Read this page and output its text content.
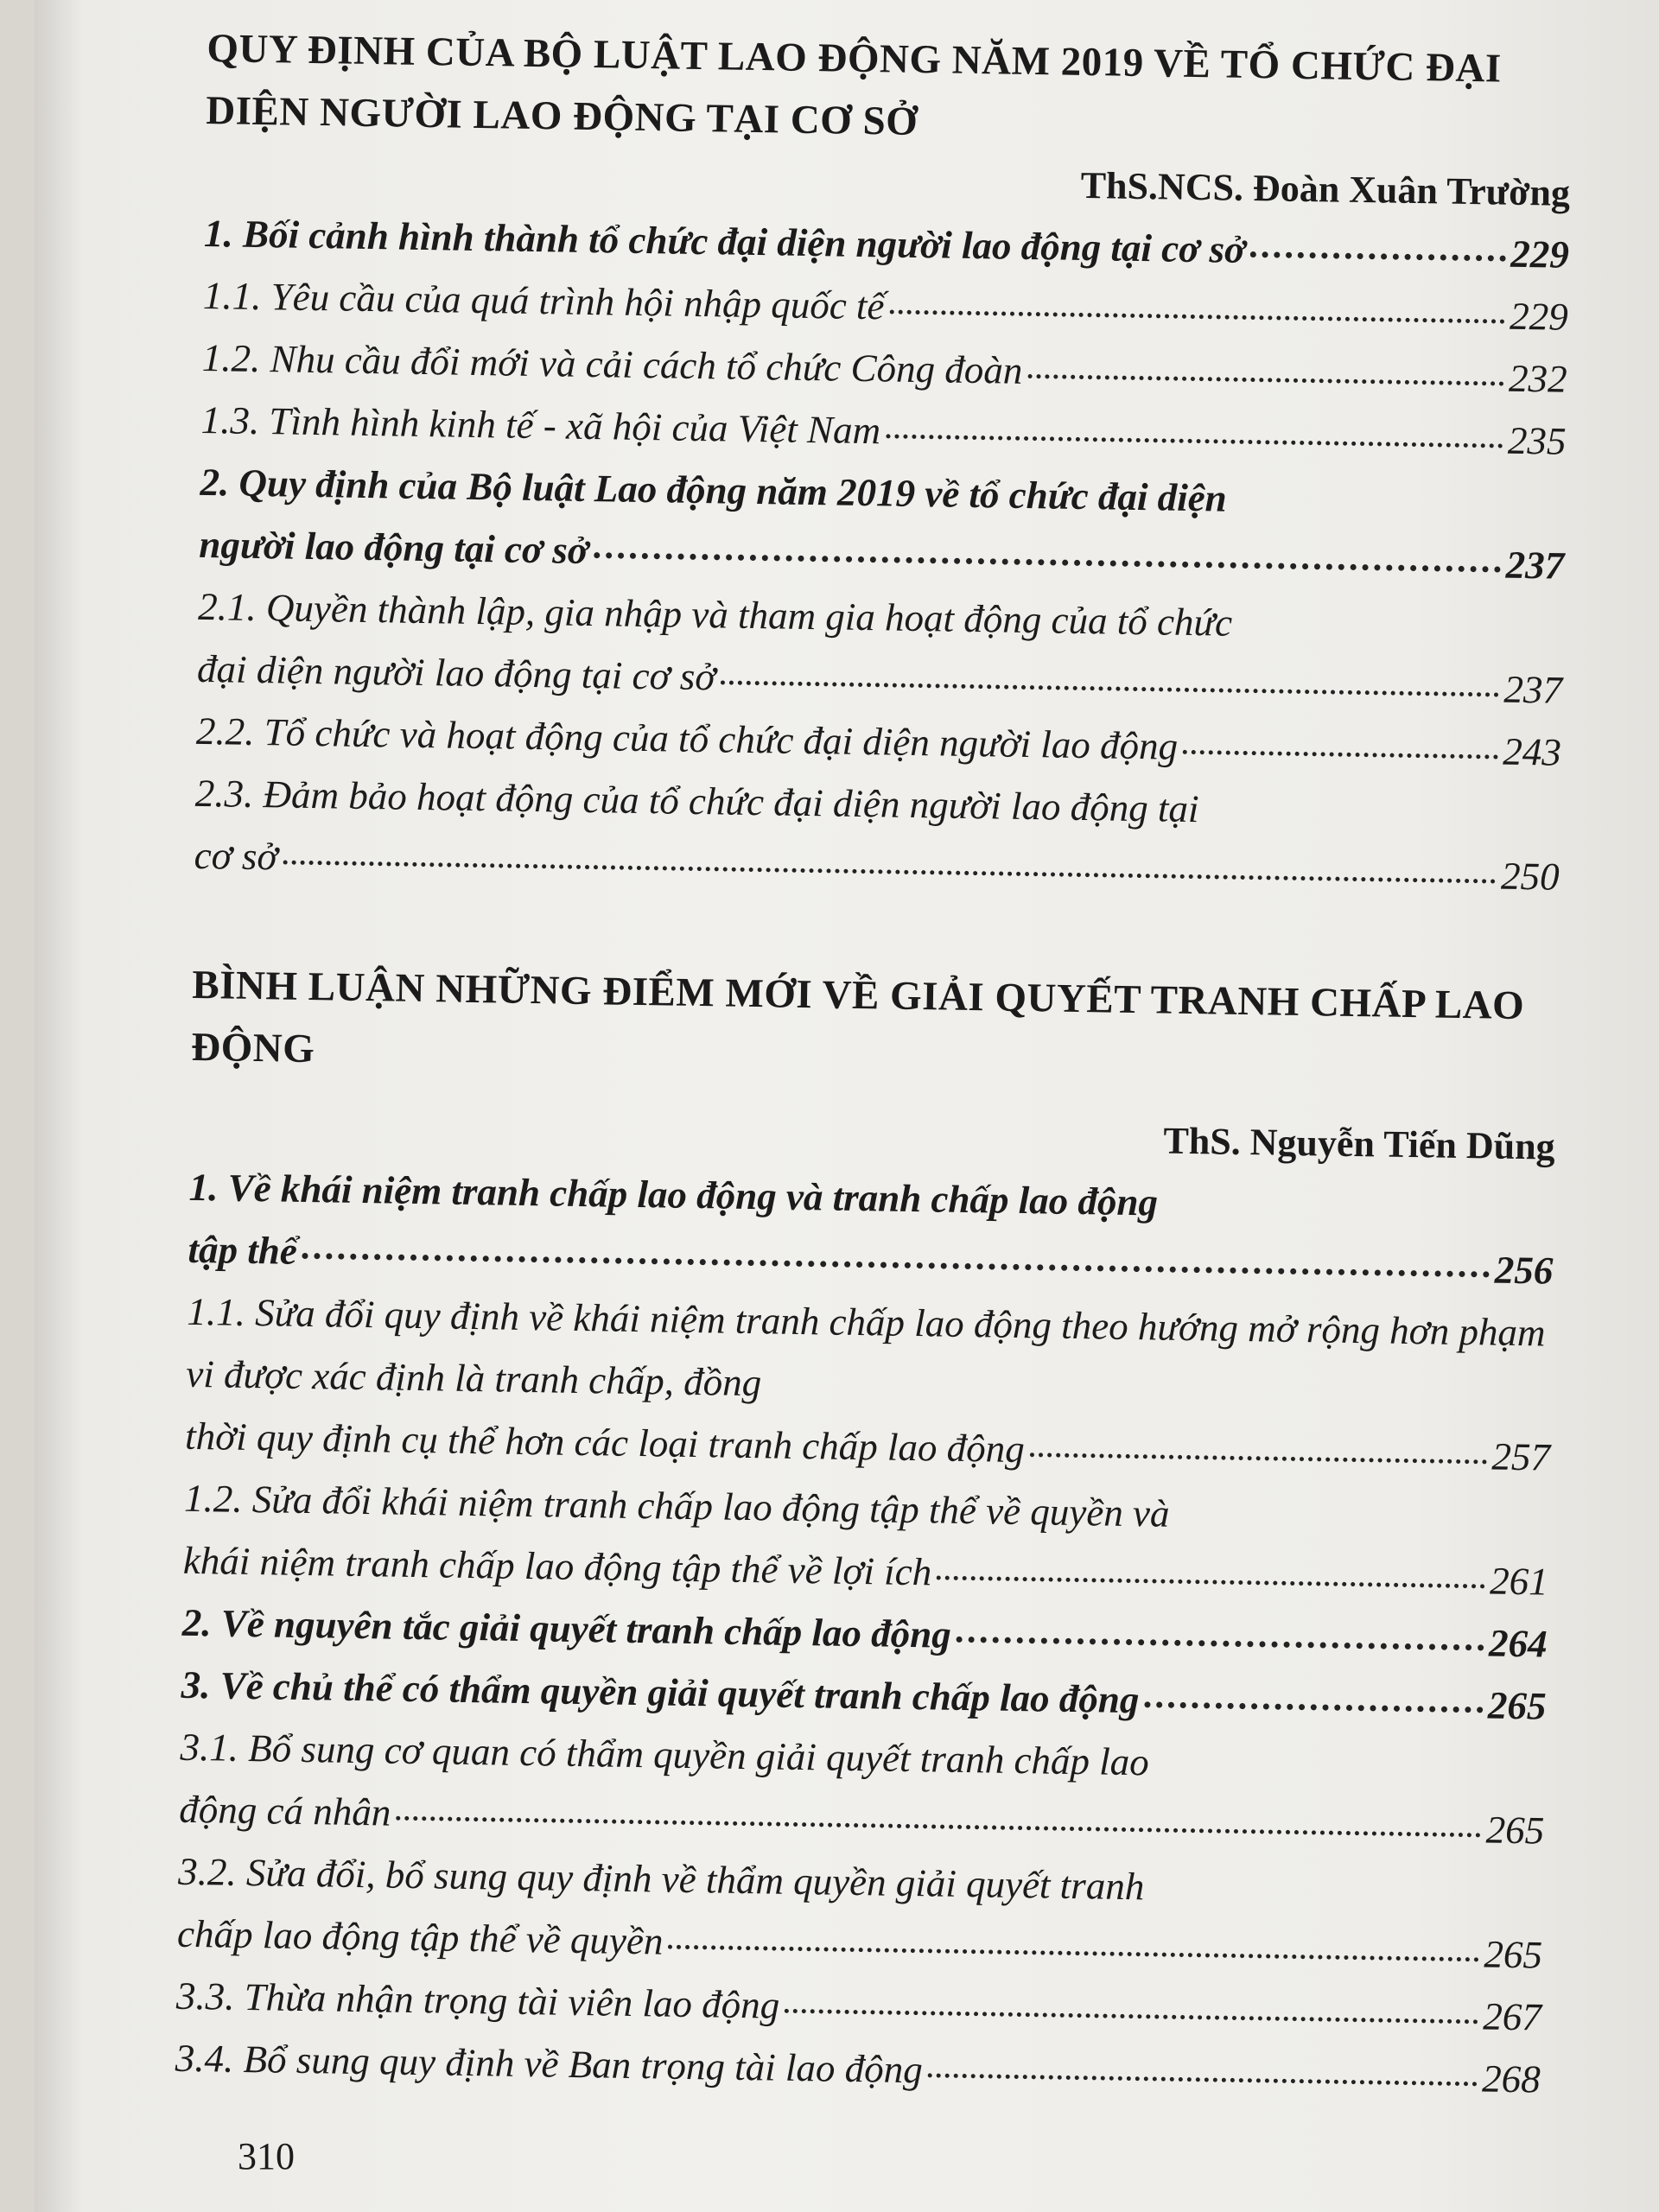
QUY ĐỊNH CỦA BỘ LUẬT LAO ĐỘNG NĂM 2019 VỀ TỔ CHỨC ĐẠI DIỆN NGƯỜI LAO ĐỘNG TẠI CƠ SỞ

ThS.NCS. Đoàn Xuân Trường

1. Bối cảnh hình thành tổ chức đại diện người lao động tại cơ sở	229
1.1. Yêu cầu của quá trình hội nhập quốc tế	229
1.2. Nhu cầu đổi mới và cải cách tổ chức Công đoàn	232
1.3. Tình hình kinh tế - xã hội của Việt Nam	235
2. Quy định của Bộ luật Lao động năm 2019 về tổ chức đại diện
người lao động tại cơ sở	237
2.1. Quyền thành lập, gia nhập và tham gia hoạt động của tổ chức
đại diện người lao động tại cơ sở	237
2.2. Tổ chức và hoạt động của tổ chức đại diện người lao động	243
2.3. Đảm bảo hoạt động của tổ chức đại diện người lao động tại
cơ sở	250
BÌNH LUẬN NHỮNG ĐIỂM MỚI VỀ GIẢI QUYẾT TRANH CHẤP LAO ĐỘNG

ThS. Nguyễn Tiến Dũng

1. Về khái niệm tranh chấp lao động và tranh chấp lao động
tập thể	256
1.1. Sửa đổi quy định về khái niệm tranh chấp lao động theo hướng mở rộng hơn phạm vi được xác định là tranh chấp, đồng
thời quy định cụ thể hơn các loại tranh chấp lao động	257
1.2. Sửa đổi khái niệm tranh chấp lao động tập thể về quyền và
khái niệm tranh chấp lao động tập thể về lợi ích	261
2. Về nguyên tắc giải quyết tranh chấp lao động	264
3. Về chủ thể có thẩm quyền giải quyết tranh chấp lao động	265
3.1. Bổ sung cơ quan có thẩm quyền giải quyết tranh chấp lao
động cá nhân	265
3.2. Sửa đổi, bổ sung quy định về thẩm quyền giải quyết tranh
chấp lao động tập thể về quyền	265
3.3. Thừa nhận trọng tài viên lao động	267
3.4. Bổ sung quy định về Ban trọng tài lao động	268
310
